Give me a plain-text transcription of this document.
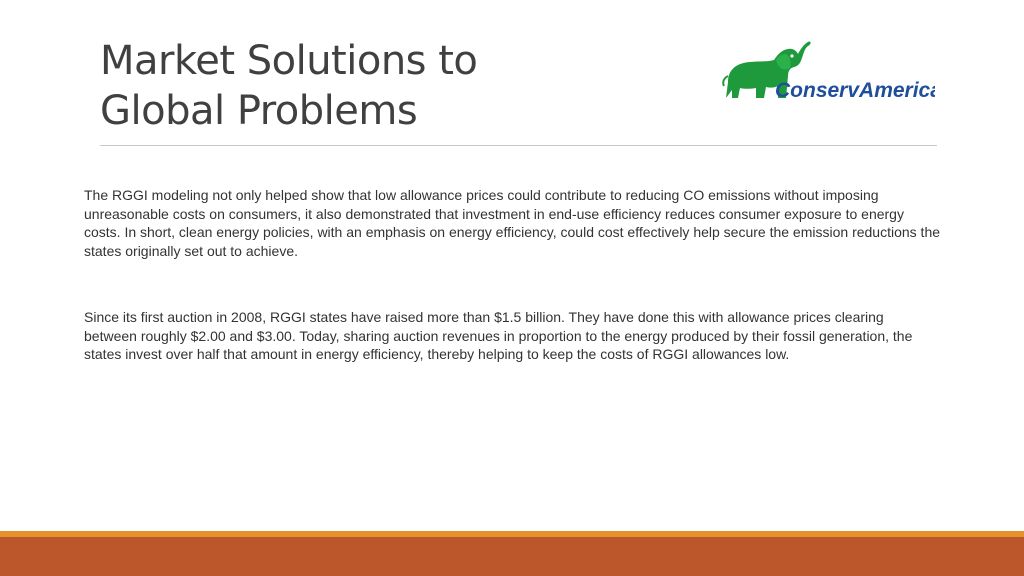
Market Solutions to
Global Problems	ConservAmerica

The RGGI modeling not only helped show that low allowance prices could contribute to reducing CO emissions without imposing unreasonable costs on consumers, it also demonstrated that investment in end-use efficiency reduces consumer exposure to energy costs. In short, clean energy policies, with an emphasis on energy efficiency, could cost effectively help secure the emission reductions the states originally set out to achieve.

Since its first auction in 2008, RGGI states have raised more than $1.5 billion. They have done this with allowance prices clearing between roughly $2.00 and $3.00. Today, sharing auction revenues in proportion to the energy produced by their fossil generation, the states invest over half that amount in energy efficiency, thereby helping to keep the costs of RGGI allowances low.
